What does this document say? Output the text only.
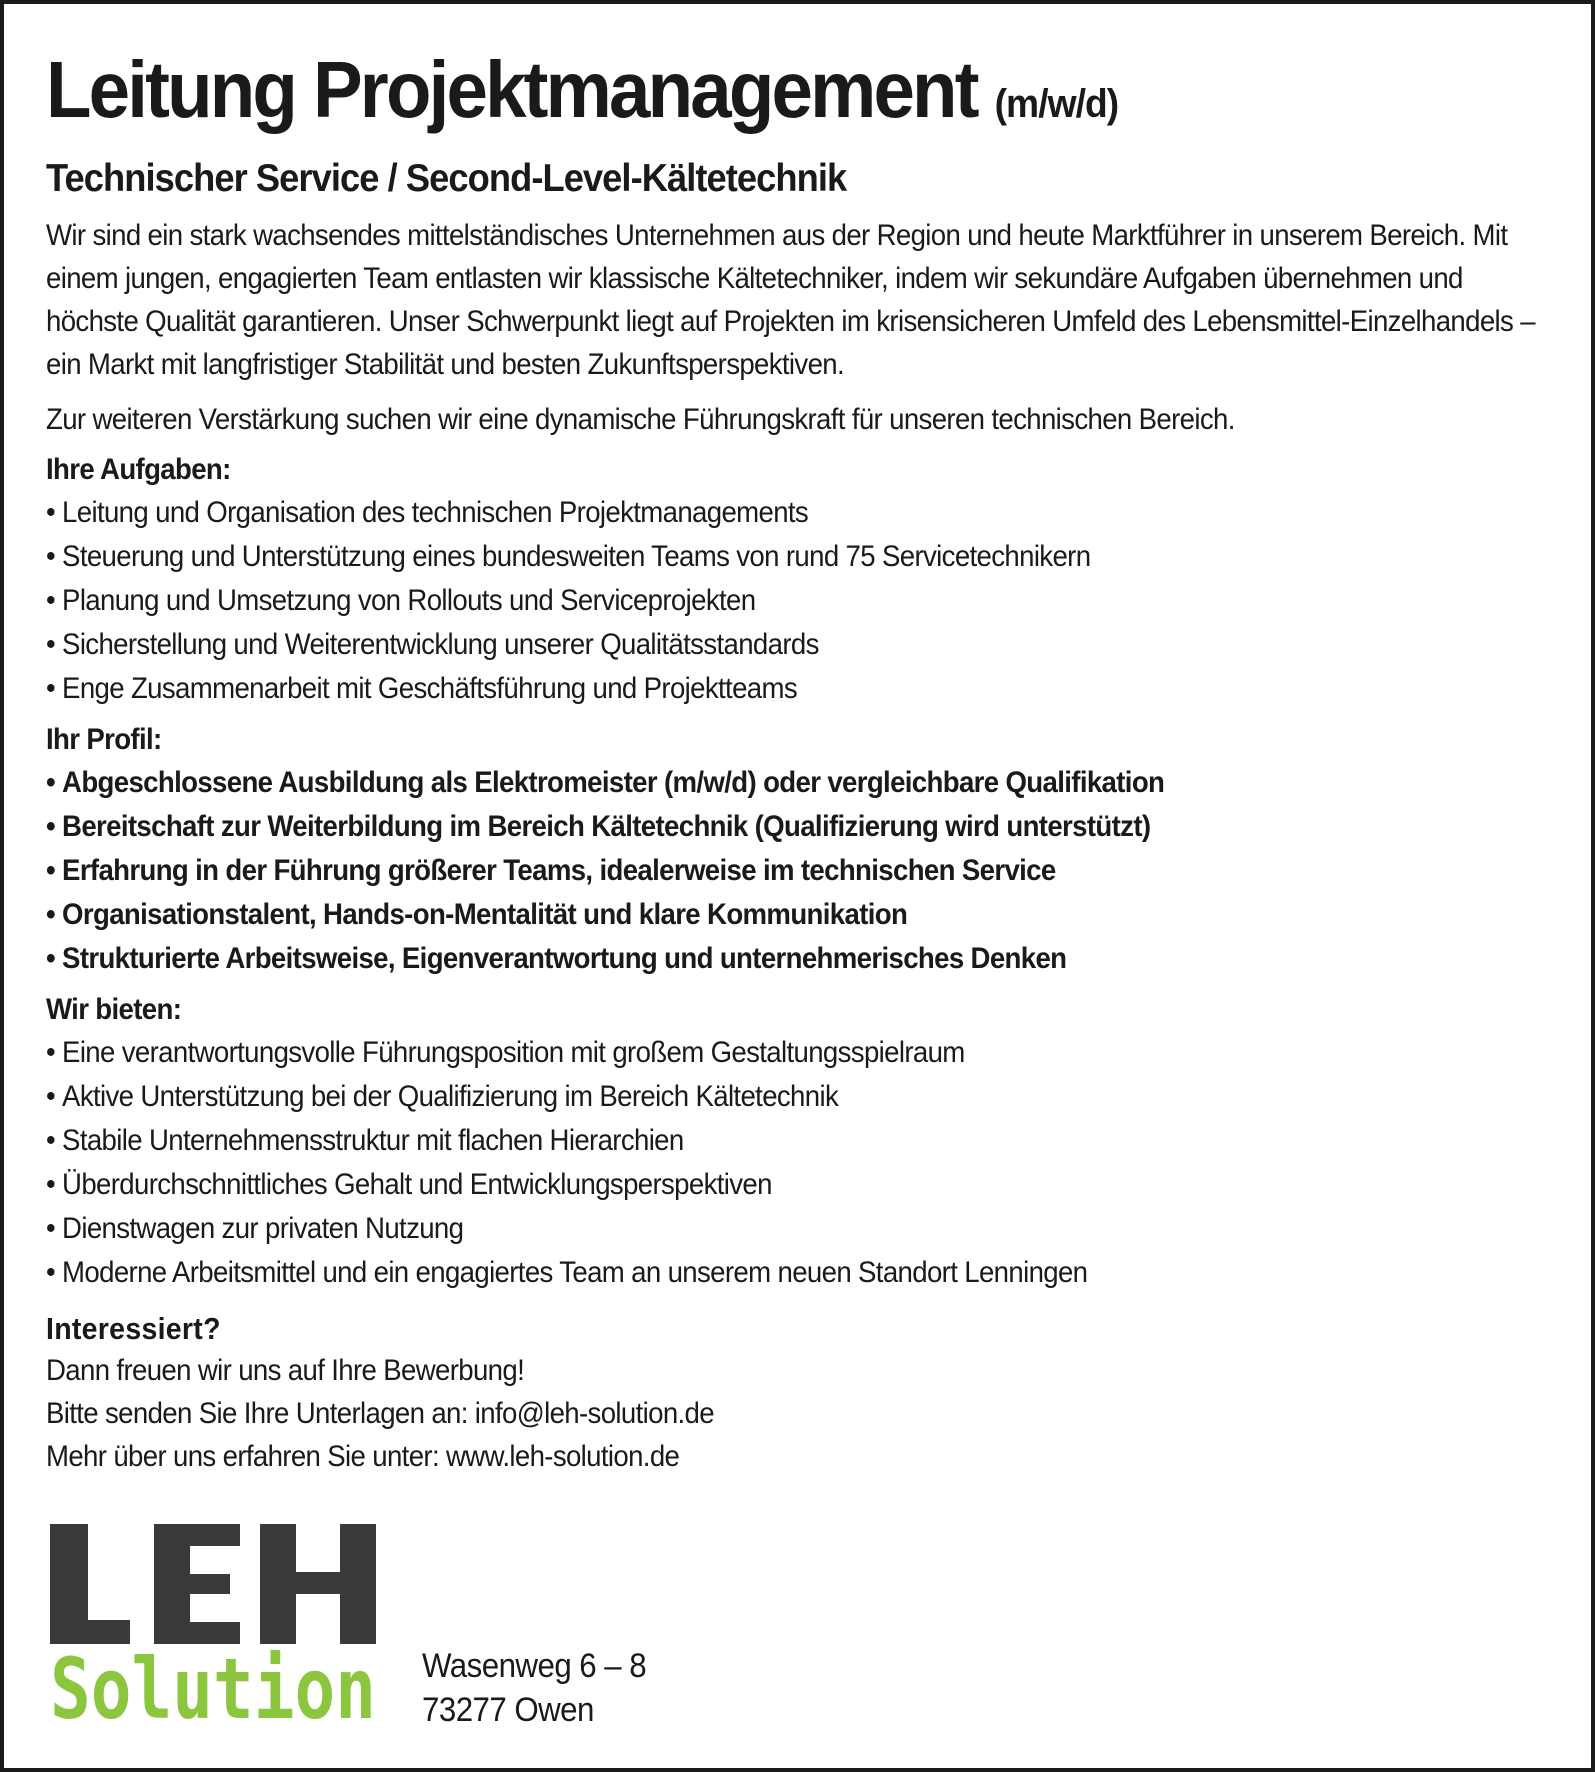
Leitung Projektmanagement (m/w/d)
Technischer Service / Second-Level-Kältetechnik

Wir sind ein stark wachsendes mittelständisches Unternehmen aus der Region und heute Marktführer in unserem Bereich. Mit einem jungen, engagierten Team entlasten wir klassische Kältetechniker, indem wir sekundäre Aufgaben übernehmen und höchste Qualität garantieren. Unser Schwerpunkt liegt auf Projekten im krisensicheren Umfeld des Lebensmittel-Einzelhandels – ein Markt mit langfristiger Stabilität und besten Zukunftsperspektiven.

Zur weiteren Verstärkung suchen wir eine dynamische Führungskraft für unseren technischen Bereich.

Ihre Aufgaben:
• Leitung und Organisation des technischen Projektmanagements
• Steuerung und Unterstützung eines bundesweiten Teams von rund 75 Servicetechnikern
• Planung und Umsetzung von Rollouts und Serviceprojekten
• Sicherstellung und Weiterentwicklung unserer Qualitätsstandards
• Enge Zusammenarbeit mit Geschäftsführung und Projektteams
Ihr Profil:
• Abgeschlossene Ausbildung als Elektromeister (m/w/d) oder vergleichbare Qualifikation
• Bereitschaft zur Weiterbildung im Bereich Kältetechnik (Qualifizierung wird unterstützt)
• Erfahrung in der Führung größerer Teams, idealerweise im technischen Service
• Organisationstalent, Hands-on-Mentalität und klare Kommunikation
• Strukturierte Arbeitsweise, Eigenverantwortung und unternehmerisches Denken
Wir bieten:
• Eine verantwortungsvolle Führungsposition mit großem Gestaltungsspielraum
• Aktive Unterstützung bei der Qualifizierung im Bereich Kältetechnik
• Stabile Unternehmensstruktur mit flachen Hierarchien
• Überdurchschnittliches Gehalt und Entwicklungsperspektiven
• Dienstwagen zur privaten Nutzung
• Moderne Arbeitsmittel und ein engagiertes Team an unserem neuen Standort Lenningen
Interessiert?
Dann freuen wir uns auf Ihre Bewerbung!
Bitte senden Sie Ihre Unterlagen an: info@leh-solution.de
Mehr über uns erfahren Sie unter: www.leh-solution.de
Solution Wasenweg 6 – 8
73277 Owen
